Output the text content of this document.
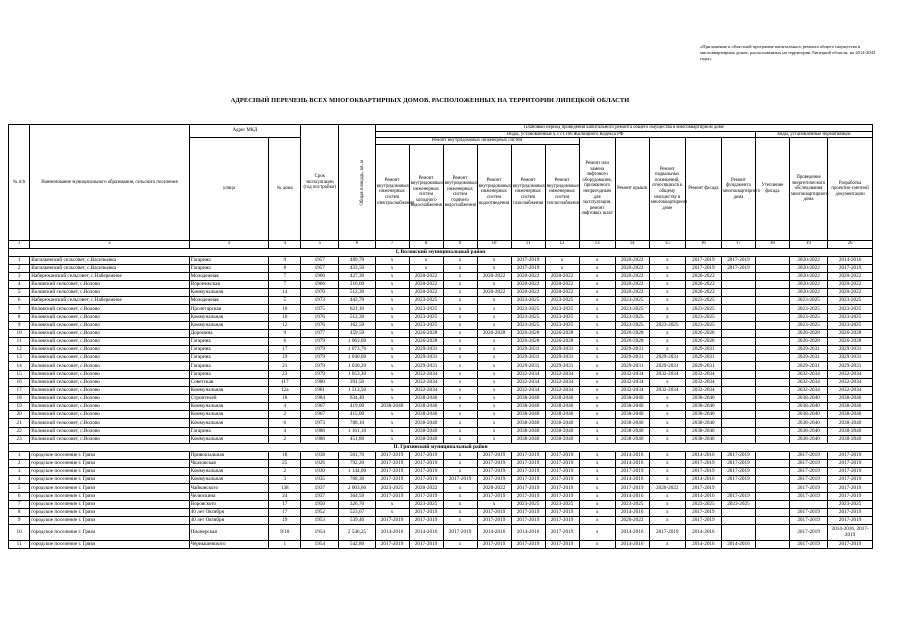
«Приложение к областной программе капитального ремонта общего имущества в многоквартирных домах, расположенных на территории Липецкой области, на 2014-2043 годы»
АДРЕСНЫЙ ПЕРЕЧЕНЬ ВСЕХ МНОГОКВАРТИРНЫХ ДОМОВ, РАСПОЛОЖЕННЫХ НА ТЕРРИТОРИИ ЛИПЕЦКОЙ ОБЛАСТИ
№ п/п	Наименование муниципального образования, сельского поселения	Адрес МКД		Срок эксплуатации (год постройки)	Общая площадь, кв. м	Плановый период проведения капитального ремонта общего имущества в многоквартирном доме													
						Виды, установленные ч.1 ст.166 Жилищного Кодекса РФ											виды, установленные нормативным		
		улица	№ дома			Ремонт внутридомовых инженерных систем						Ремонт или замена лифтового оборудования, признанного непригодным для эксплуатации, ремонт лифтовых шахт	Ремонт крыши	Ремонт подвальных помещений, относящихся к общему имуществу в многоквартирном доме	Ремонт фасада	Ремонт фундамента многоквартирного дома	Утепление фасада	Проведение энергетического обследования многоквартирного дома	Разработка проектно-сметной документации
						Ремонт внутридомовых инженерных систем электроснабжения	Ремонт внутридомовых инженерных систем холодного водоснабжения	Ремонт внутридомовых инженерных систем горячего водоснабжения	Ремонт внутридомовых инженерных систем водоотведения	Ремонт внутридомовых инженерных систем газоснабжения	Ремонт внутридомовых инженерных систем теплоснабжения								
1	2	3	4	5	6	7	8	9	10	11	12	13	14	15	16	17	18	19	20
I. Воловский муниципальный район																			
1	Васильевский сельсовет, с.Васильевка	Гагарина	9	1957	489,70	x	x	x	x	2017-2019	x	x	2020-2022	x	2017-2019	2017-2019		2020-2022	2014-2016
2	Васильевский сельсовет, с.Васильевка	Гагарина	8	1957	433,50	x	x	x	x	2017-2019	x	x	2020-2022	x	2017-2019	2017-2019		2020-2022	2017-2019
3	Набережанский сельсовет, с.Набережное	Молодежная	7	1960	427,30	x	2020-2022	x	2020-2022	2020-2022	2020-2022	x	2020-2022	x	2020-2022			2020-2022	2020-2022
4	Воловский сельсовет, с.Волово	Воронежская	7	1966	216,60	x	2020-2022	x	x	2020-2022	2020-2022	x	2020-2022	x	2020-2022			2020-2022	2020-2022
5	Воловский сельсовет, с.Волово	Коммунальная	14	1970	512,30	x	2020-2022	x	2020-2022	2020-2022	2020-2022	x	2020-2022	x	2020-2022			2020-2022	2020-2022
6	Набережанский сельсовет, с.Набережное	Молодежная	5	1973	442,70	x	2023-2025	x	x	2023-2025	2023-2025	x	2023-2025	x	2023-2025			2023-2025	2023-2025
7	Воловский сельсовет, с.Волово	Пролетарская	10	1975	621,10	x	2023-2025	x	x	2023-2025	2023-2025	x	2023-2025	x	2023-2025			2023-2025	2023-2025
8	Воловский сельсовет, с.Волово	Коммунальная	10	1976	512,30	x	2023-2025	x	x	2023-2025	2023-2025	x	2023-2025	x	2023-2025			2023-2025	2023-2025
9	Воловский сельсовет, с.Волово	Коммунальная	12	1976	162,50	x	2023-2025	x	x	2023-2025	2023-2025	x	2023-2025	2023-2025	2023-2025			2023-2025	2023-2025
10	Воловский сельсовет, с.Волово	Доронина	9	1977	459,50	x	2026-2028	x	2026-2028	2026-2028	2026-2028	x	2026-2028	x	2026-2028			2026-2028	2026-2028
11	Воловский сельсовет, с.Волово	Гагарина	6	1979	1 063,60	x	2026-2028	x	x	2026-2028	2026-2028	x	2026-2028	x	2026-2028			2026-2028	2026-2028
12	Воловский сельсовет, с.Волово	Гагарина	17	1979	1 073,70	x	2029-2031	x	x	2029-2031	2029-2031	x	2029-2031	x	2029-2031			2029-2031	2029-2031
13	Воловский сельсовет, с.Волово	Гагарина	19	1979	1 040,60	x	2029-2031	x	x	2029-2031	2029-2031	x	2029-2031	2029-2031	2029-2031			2029-2031	2029-2031
14	Воловский сельсовет, с.Волово	Гагарина	21	1979	1 030,20	x	2029-2031	x	x	2029-2031	2029-2031	x	2029-2031	2029-2031	2029-2031			2029-2031	2029-2031
15	Воловский сельсовет, с.Волово	Гагарина	23	1979	1 053,30	x	2032-2034	x	x	2032-2034	2032-2034	x	2032-2034	2032-2034	2032-2034			2032-2034	2032-2034
16	Воловский сельсовет, с.Волово	Советская	117	1980	391,50	x	2032-2034	x	x	2032-2034	2032-2034	x	2032-2034	x	2032-2034			2032-2034	2032-2034
17	Воловский сельсовет, с.Волово	Коммунальная	12а	1981	1 513,50	x	2032-2034	x	x	2032-2034	2032-2034	x	2032-2034	2032-2034	2032-2034			2032-2034	2032-2034
18	Воловский сельсовет, с.Волово	Строителей	18	1984	634,40	x	2038-2040	x	x	2038-2040	2038-2040	x	2038-2040	x	2038-2040			2038-2040	2038-2040
19	Воловский сельсовет, с.Волово	Коммунальная	4	1967	419,00	2038-2040	2038-2040	x	x	2038-2040	2038-2040	x	2038-2040	x	2038-2040			2038-2040	2038-2040
20	Воловский сельсовет, с.Волово	Коммунальная	2	1967	415,00	x	2038-2040	x	x	2038-2040	2038-2040	x	2038-2040	x	2038-2040			2038-2040	2038-2040
21	Воловский сельсовет, с.Волово	Коммунальная	6	1973	788,10	x	2038-2040	x	x	2038-2040	2038-2040	x	2038-2040	x	2038-2040			2038-2040	2038-2040
22	Воловский сельсовет, с.Волово	Гагарина	4	1986	1 161,10	x	2038-2040	x	x	2038-2040	2038-2040	x	2038-2040	x	2038-2040			2038-2040	2038-2040
23	Воловский сельсовет, с.Волово	Коммунальная	2	1986	451,80	x	2038-2040	x	x	2038-2040	2038-2040	x	2038-2040	x	2038-2040			2038-2040	2038-2040
II. Грязинский муниципальный район																			
1	городское поселение г. Грязи	Привокзальная	18	1938	561,70	2017-2019	2017-2019	x	2017-2019	2017-2019	2017-2019	x	2014-2016	x	2014-2016	2017-2019		2017-2019	2017-2019
2	городское поселение г. Грязи	Чкаловская	25	1926	792,20	2017-2019	2017-2019	x	2017-2019	2017-2019	2017-2019	x	2014-2016	x	2017-2019	2017-2019		2017-2019	2017-2019
3	городское поселение г. Грязи	Коммунальная	2	1930	1 144,00	2017-2019	2017-2019	x	2017-2019	2017-2019	2017-2019	x	2017-2019	x	2017-2019	2017-2019		2017-2019	2017-2019
4	городское поселение г. Грязи	Коммунальная	3	1935	768,30	2017-2019	2017-2019	2017-2019	2017-2019	2017-2019	2017-2019	x	2014-2016	x	2014-2016	2017-2019		2017-2019	2017-2019
5	городское поселение г. Грязи	Чайковского	138	1937	2 003,66	2023-2025	2020-2022	x	2020-2022	2017-2019	2017-2019	x	2017-2019	2020-2022	2017-2019			2017-2019	2017-2019
6	городское поселение г. Грязи	Челюскина	24	1937	364,59	2017-2019	2017-2019	x	2017-2019	2017-2019	2017-2019	x	2014-2016	x	2014-2016	2017-2019		2017-2019	2017-2019
7	городское поселение г. Грязи	Воровского	17	1950	326,70	x	2023-2025	x	x	2023-2025	2023-2025	x	2023-2025	x	2023-2025	2023-2025			2023-2025
8	городское поселение г. Грязи	40 лет Октября	17	1952	523,67	x	2017-2019	x	2017-2019	2017-2019	2017-2019	x	2014-2016	x	2017-2019			2017-2019	2017-2019
9	городское поселение г. Грязи	40 лет Октября	19	1953	539,40	2017-2019	2017-2019	x	2017-2019	2017-2019	2017-2019	x	2020-2022	x	2017-2019			2017-2019	2017-2019
10	городское поселение г. Грязи	Пионерская	9/10	1954	2 546,25	2014-2016	2014-2016	2017-2019	2014-2016	2014-2016	2017-2019	x	2014-2016	2017-2019	2014-2016			2017-2019	2014-2016, 2017-2019
11	городское поселение г. Грязи	Чернышевского	1	1954	542,80	2017-2019	2017-2019	x	2017-2019	2017-2019	2017-2019	x	2014-2016	x	2014-2016	2014-2016		2017-2019	2017-2019
